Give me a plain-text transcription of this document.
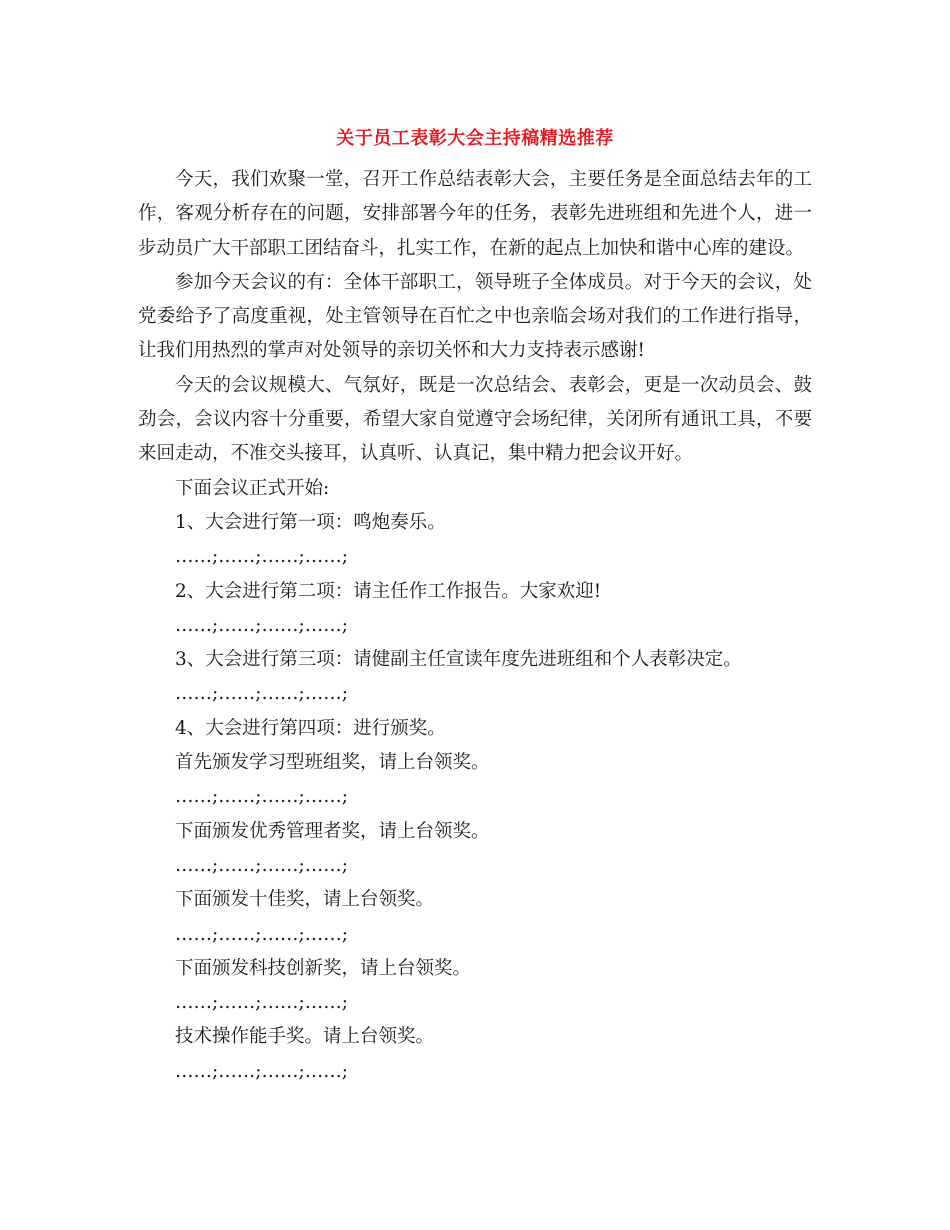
关于员工表彰大会主持稿精选推荐

今天，我们欢聚一堂，召开工作总结表彰大会，主要任务是全面总结去年的工作，客观分析存在的问题，安排部署今年的任务，表彰先进班组和先进个人，进一步动员广大干部职工团结奋斗，扎实工作，在新的起点上加快和谐中心库的建设。

参加今天会议的有：全体干部职工，领导班子全体成员。对于今天的会议，处党委给予了高度重视，处主管领导在百忙之中也亲临会场对我们的工作进行指导，让我们用热烈的掌声对处领导的亲切关怀和大力支持表示感谢!

今天的会议规模大、气氛好，既是一次总结会、表彰会，更是一次动员会、鼓劲会，会议内容十分重要，希望大家自觉遵守会场纪律，关闭所有通讯工具，不要来回走动，不准交头接耳，认真听、认真记，集中精力把会议开好。

下面会议正式开始:

1、大会进行第一项：鸣炮奏乐。

……;……;……;……;

2、大会进行第二项：请主任作工作报告。大家欢迎!

……;……;……;……;

3、大会进行第三项：请健副主任宣读年度先进班组和个人表彰决定。

……;……;……;……;

4、大会进行第四项：进行颁奖。

首先颁发学习型班组奖，请上台领奖。

……;……;……;……;

下面颁发优秀管理者奖，请上台领奖。

……;……;……;……;

下面颁发十佳奖，请上台领奖。

……;……;……;……;

下面颁发科技创新奖，请上台领奖。

……;……;……;……;

技术操作能手奖。请上台领奖。

……;……;……;……;
